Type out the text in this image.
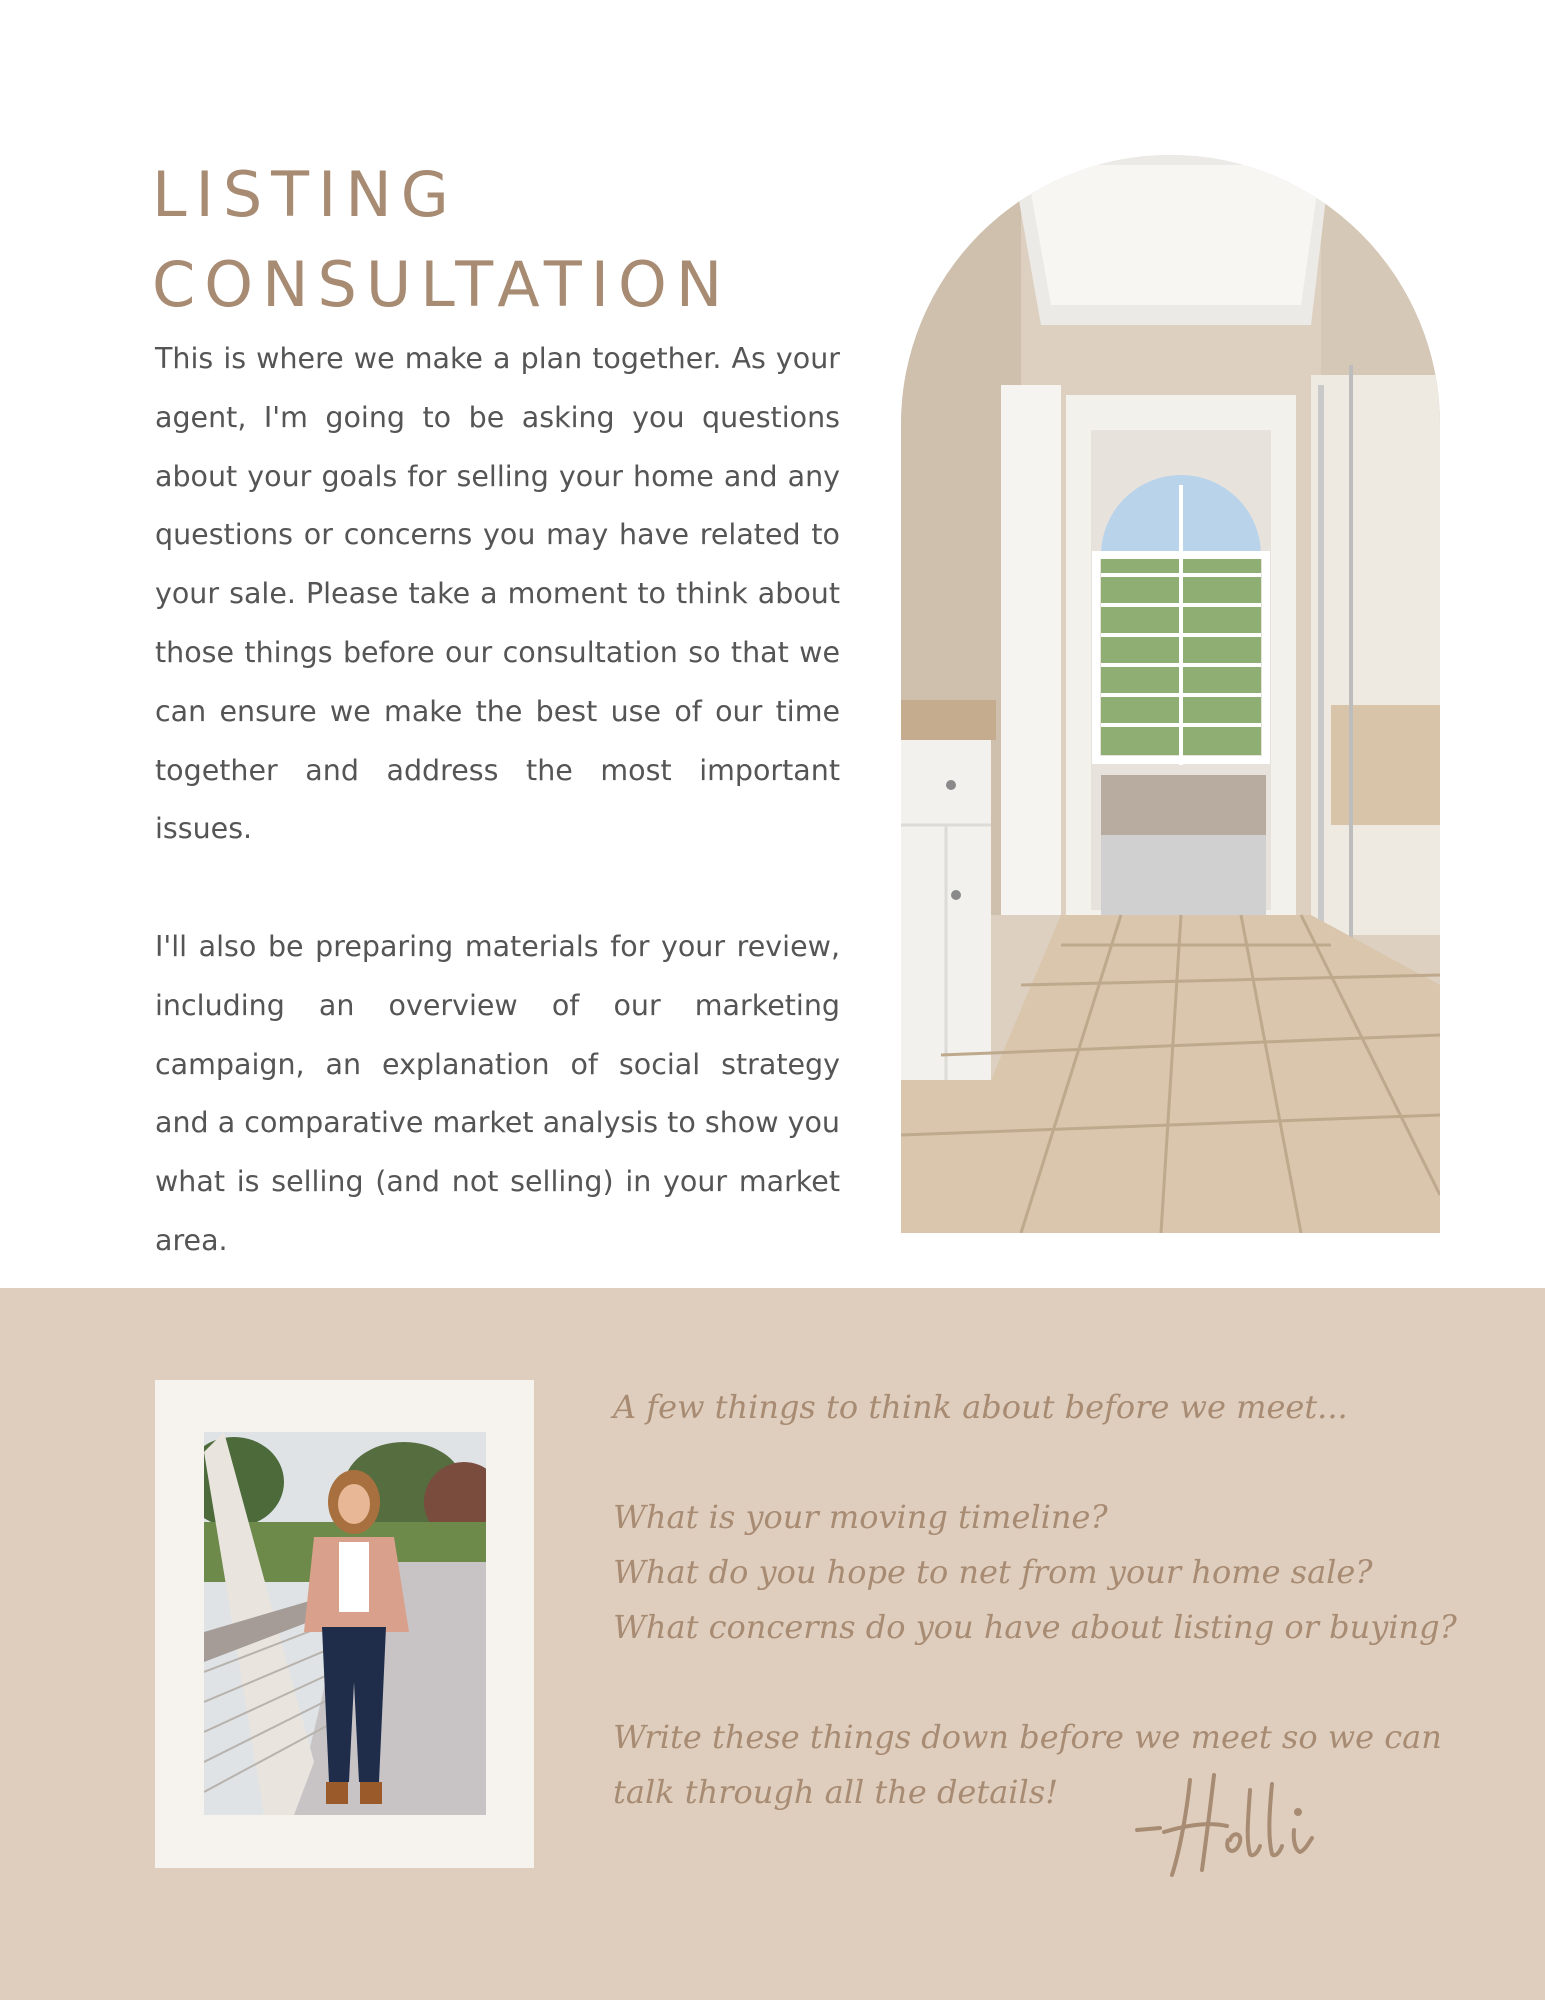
LISTING
CONSULTATION

This is where we make a plan together. As your agent, I'm going to be asking you questions about your goals for selling your home and any questions or concerns you may have related to your sale. Please take a moment to think about those things before our consultation so that we can ensure we make the best use of our time together and address the most important issues.

I'll also be preparing materials for your review, including an overview of our marketing campaign, an explanation of social strategy and a comparative market analysis to show you what is selling (and not selling) in your market area.

A few things to think about before we meet...
What is your moving timeline?
What do you hope to net from your home sale?
What concerns do you have about listing or buying?
Write these things down before we meet so we can
talk through all the details!
